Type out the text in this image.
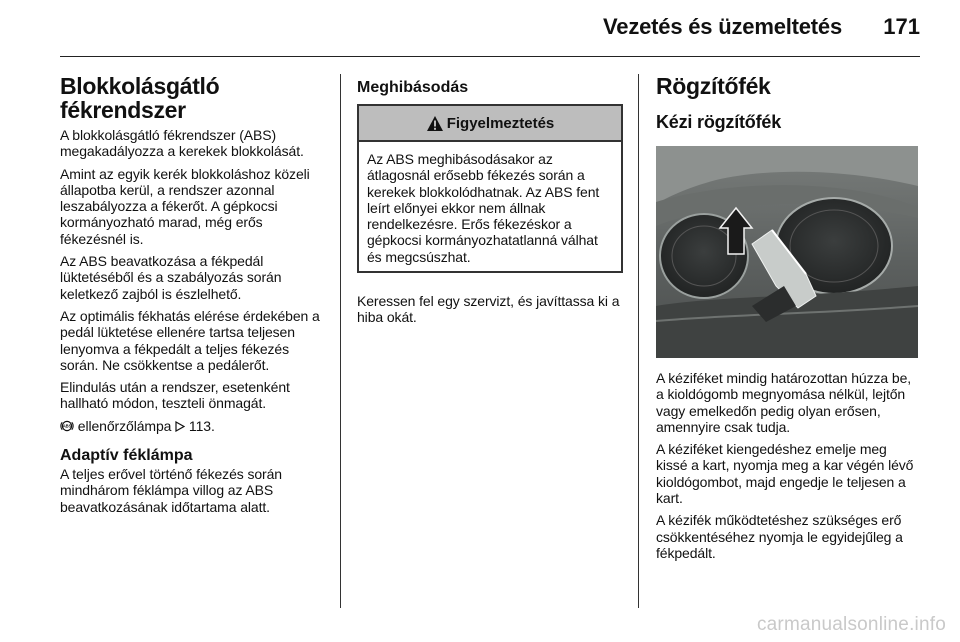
Vezetés és üzemeltetés 171
Blokkolásgátló
fékrendszer

A blokkolásgátló fékrendszer (ABS) megakadályozza a kerekek blokkolását.

Amint az egyik kerék blokkoláshoz közeli állapotba kerül, a rendszer azonnal leszabályozza a fékerőt. A gépkocsi kormányozható marad, még erős fékezésnél is.

Az ABS beavatkozása a fékpedál lüktetéséből és a szabályozás során keletkező zajból is észlelhető.

Az optimális fékhatás elérése érdekében a pedál lüktetése ellenére tartsa teljesen lenyomva a fékpedált a teljes fékezés során. Ne csökkentse a pedálerőt.

Elindulás után a rendszer, esetenként hallható módon, teszteli önmagát.

ABS ellenőrzőlámpa  113.

Adaptív féklámpa

A teljes erővel történő fékezés során mindhárom féklámpa villog az ABS beavatkozásának időtartama alatt.

Meghibásodás
Figyelmeztetés

Az ABS meghibásodásakor az átlagosnál erősebb fékezés során a kerekek blokkolódhatnak. Az ABS fent leírt előnyei ekkor nem állnak rendelkezésre. Erős fékezéskor a gépkocsi kormányozhatatlanná válhat és megcsúszhat.

Keressen fel egy szervizt, és javíttassa ki a hiba okát.

Rögzítőfék
Kézi rögzítőfék

A kéziféket mindig határozottan húzza be, a kioldógomb megnyomása nélkül, lejtőn vagy emelkedőn pedig olyan erősen, amennyire csak tudja.

A kéziféket kiengedéshez emelje meg kissé a kart, nyomja meg a kar végén lévő kioldógombot, majd engedje le teljesen a kart.

A kézifék működtetéshez szükséges erő csökkentéséhez nyomja le egyidejűleg a fékpedált.

carmanualsonline.info
